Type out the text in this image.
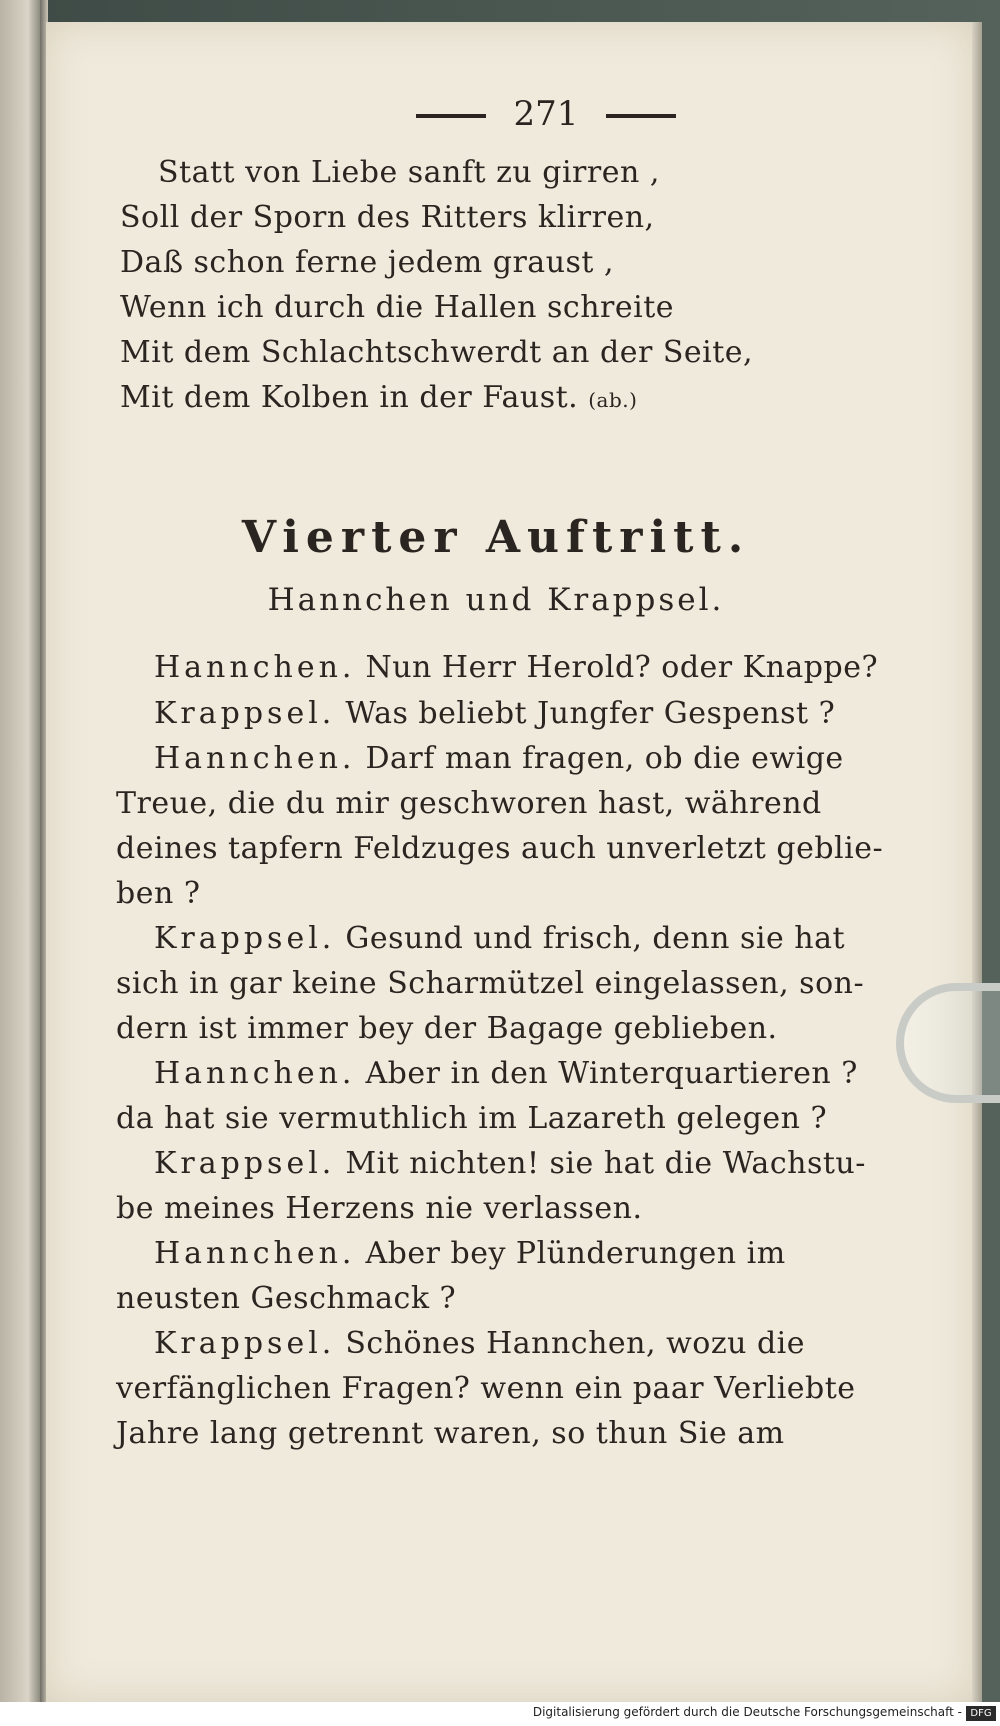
271
Statt von Liebe sanft zu girren ,
Soll der Sporn des Ritters klirren,
Daß schon ferne jedem graust ,
Wenn ich durch die Hallen schreite
Mit dem Schlachtschwerdt an der Seite,
Mit dem Kolben in der Faust. (ab.)
Vierter Auftritt.
Hannchen und Krappsel.
Hannchen. Nun Herr Herold? oder Knappe?
Krappsel. Was beliebt Jungfer Gespenst ?
Hannchen. Darf man fragen, ob die ewige
Treue, die du mir geschworen hast, während
deines tapfern Feldzuges auch unverletzt geblie-
ben ?
Krappsel. Gesund und frisch, denn sie hat
sich in gar keine Scharmützel eingelassen, son-
dern ist immer bey der Bagage geblieben.
Hannchen. Aber in den Winterquartieren ?
da hat sie vermuthlich im Lazareth gelegen ?
Krappsel. Mit nichten! sie hat die Wachstu-
be meines Herzens nie verlassen.
Hannchen. Aber bey Plünderungen im
neusten Geschmack ?
Krappsel. Schönes Hannchen, wozu die
verfänglichen Fragen? wenn ein paar Verliebte
Jahre lang getrennt waren, so thun Sie am
Digitalisierung gefördert durch die Deutsche Forschungsgemeinschaft - DFG
